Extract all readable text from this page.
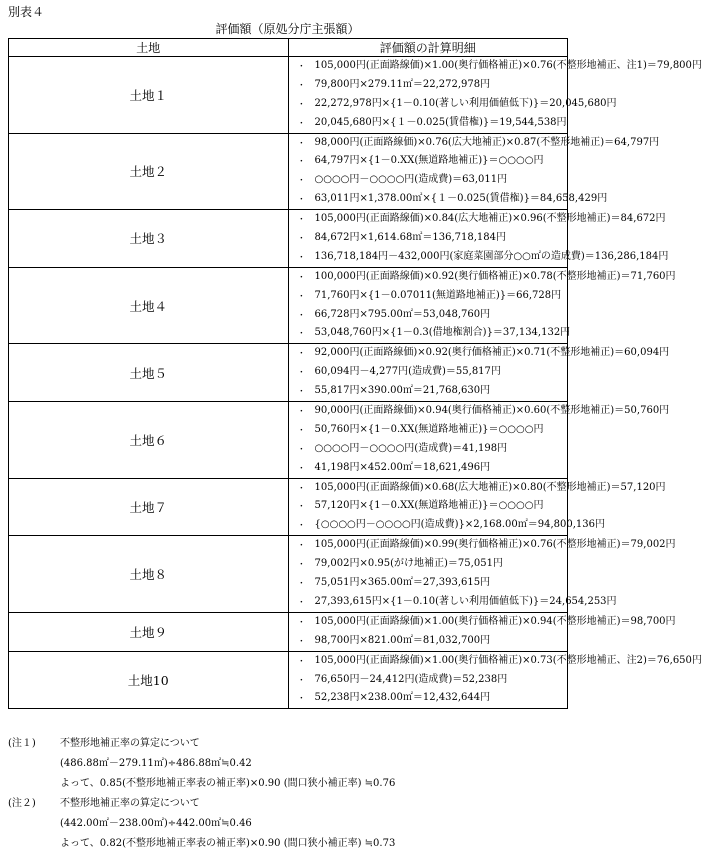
別表４
評価額（原処分庁主張額）
土地	評価額の計算明細
土地１	· 105,000円(正面路線価)×1.00(奥行価格補正)×0.76(不整形地補正、注1)＝79,800円
· 79,800円×279.11㎡＝22,272,978円
· 22,272,978円×{1－0.10(著しい利用価値低下)}＝20,045,680円
· 20,045,680円×{１－0.025(賃借権)}＝19,544,538円

土地２	· 98,000円(正面路線価)×0.76(広大地補正)×0.87(不整形地補正)＝64,797円
· 64,797円×{1－0.XX(無道路地補正)}＝○○○○円
· ○○○○円－○○○○円(造成費)＝63,011円
· 63,011円×1,378.00㎡×{１－0.025(賃借権)}＝84,658,429円

土地３	· 105,000円(正面路線価)×0.84(広大地補正)×0.96(不整形地補正)＝84,672円
· 84,672円×1,614.68㎡＝136,718,184円
· 136,718,184円－432,000円(家庭菜園部分○○㎡の造成費)＝136,286,184円

土地４	· 100,000円(正面路線価)×0.92(奥行価格補正)×0.78(不整形地補正)＝71,760円
· 71,760円×{1－0.07011(無道路地補正)}＝66,728円
· 66,728円×795.00㎡＝53,048,760円
· 53,048,760円×{1－0.3(借地権割合)}＝37,134,132円

土地５	· 92,000円(正面路線価)×0.92(奥行価格補正)×0.71(不整形地補正)＝60,094円
· 60,094円－4,277円(造成費)＝55,817円
· 55,817円×390.00㎡＝21,768,630円

土地６	· 90,000円(正面路線価)×0.94(奥行価格補正)×0.60(不整形地補正)＝50,760円
· 50,760円×{1－0.XX(無道路地補正)}＝○○○○円
· ○○○○円－○○○○円(造成費)＝41,198円
· 41,198円×452.00㎡＝18,621,496円

土地７	· 105,000円(正面路線価)×0.68(広大地補正)×0.80(不整形地補正)＝57,120円
· 57,120円×{1－0.XX(無道路地補正)}＝○○○○円
· {○○○○円－○○○○円(造成費)}×2,168.00㎡＝94,800,136円

土地８	· 105,000円(正面路線価)×0.99(奥行価格補正)×0.76(不整形地補正)＝79,002円
· 79,002円×0.95(がけ地補正)＝75,051円
· 75,051円×365.00㎡＝27,393,615円
· 27,393,615円×{1－0.10(著しい利用価値低下)}＝24,654,253円

土地９	· 105,000円(正面路線価)×1.00(奥行価格補正)×0.94(不整形地補正)＝98,700円
· 98,700円×821.00㎡＝81,032,700円

土地10	· 105,000円(正面路線価)×1.00(奥行価格補正)×0.73(不整形地補正、注2)＝76,650円
· 76,650円－24,412円(造成費)＝52,238円
· 52,238円×238.00㎡＝12,432,644円
(注１) 不整形地補正率の算定について
(486.88㎡－279.11㎡)÷486.88㎡≒0.42
よって、0.85(不整形地補正率表の補正率)×0.90 (間口狭小補正率) ≒0.76
(注２) 不整形地補正率の算定について
(442.00㎡－238.00㎡)÷442.00㎡≒0.46
よって、0.82(不整形地補正率表の補正率)×0.90 (間口狭小補正率) ≒0.73
